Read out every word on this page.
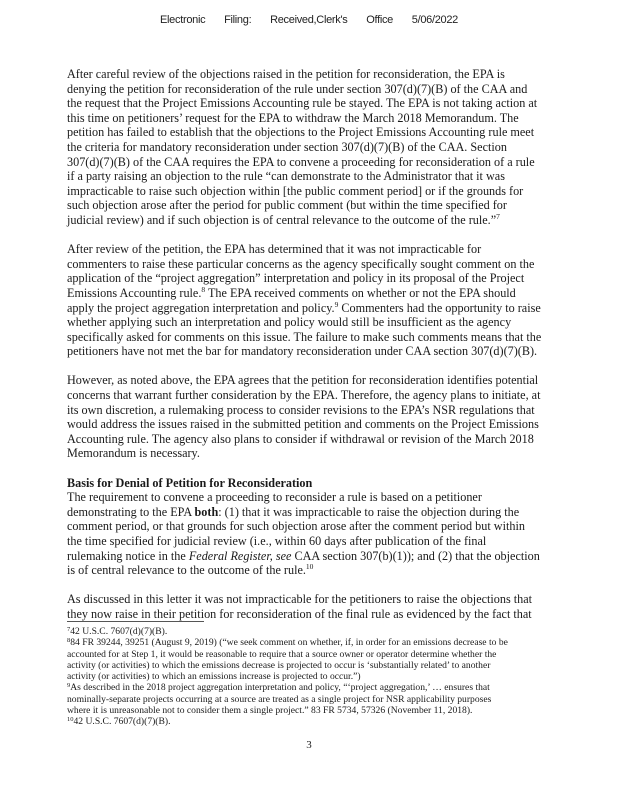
Electronic Filing: Received,Clerk's Office 5/06/2022

After careful review of the objections raised in the petition for reconsideration, the EPA is
denying the petition for reconsideration of the rule under section 307(d)(7)(B) of the CAA and
the request that the Project Emissions Accounting rule be stayed. The EPA is not taking action at
this time on petitioners’ request for the EPA to withdraw the March 2018 Memorandum. The
petition has failed to establish that the objections to the Project Emissions Accounting rule meet
the criteria for mandatory reconsideration under section 307(d)(7)(B) of the CAA. Section
307(d)(7)(B) of the CAA requires the EPA to convene a proceeding for reconsideration of a rule
if a party raising an objection to the rule “can demonstrate to the Administrator that it was
impracticable to raise such objection within [the public comment period] or if the grounds for
such objection arose after the period for public comment (but within the time specified for
judicial review) and if such objection is of central relevance to the outcome of the rule.”$^7$

After review of the petition, the EPA has determined that it was not impracticable for
commenters to raise these particular concerns as the agency specifically sought comment on the
application of the “project aggregation” interpretation and policy in its proposal of the Project
Emissions Accounting rule.$^8$ The EPA received comments on whether or not the EPA should
apply the project aggregation interpretation and policy.$^9$ Commenters had the opportunity to raise
whether applying such an interpretation and policy would still be insufficient as the agency
specifically asked for comments on this issue. The failure to make such comments means that the
petitioners have not met the bar for mandatory reconsideration under CAA section 307(d)(7)(B).

However, as noted above, the EPA agrees that the petition for reconsideration identifies potential
concerns that warrant further consideration by the EPA. Therefore, the agency plans to initiate, at
its own discretion, a rulemaking process to consider revisions to the EPA’s NSR regulations that
would address the issues raised in the submitted petition and comments on the Project Emissions
Accounting rule. The agency also plans to consider if withdrawal or revision of the March 2018
Memorandum is necessary.

Basis for Denial of Petition for Reconsideration
The requirement to convene a proceeding to reconsider a rule is based on a petitioner
demonstrating to the EPA both: (1) that it was impracticable to raise the objection during the
comment period, or that grounds for such objection arose after the comment period but within
the time specified for judicial review (i.e., within 60 days after publication of the final
rulemaking notice in the Federal Register, see CAA section 307(b)(1)); and (2) that the objection
is of central relevance to the outcome of the rule.$^{10}$

As discussed in this letter it was not impracticable for the petitioners to raise the objections that
they now raise in their petition for reconsideration of the final rule as evidenced by the fact that

$^7$42 U.S.C. 7607(d)(7)(B).
$^8$84 FR 39244, 39251 (August 9, 2019) (“we seek comment on whether, if, in order for an emissions decrease to be
accounted for at Step 1, it would be reasonable to require that a source owner or operator determine whether the
activity (or activities) to which the emissions decrease is projected to occur is ‘substantially related’ to another
activity (or activities) to which an emissions increase is projected to occur.”)
$^9$As described in the 2018 project aggregation interpretation and policy, “‘project aggregation,’ … ensures that
nominally-separate projects occurring at a source are treated as a single project for NSR applicability purposes
where it is unreasonable not to consider them a single project.” 83 FR 5734, 57326 (November 11, 2018).
$^{10}$42 U.S.C. 7607(d)(7)(B).
3
